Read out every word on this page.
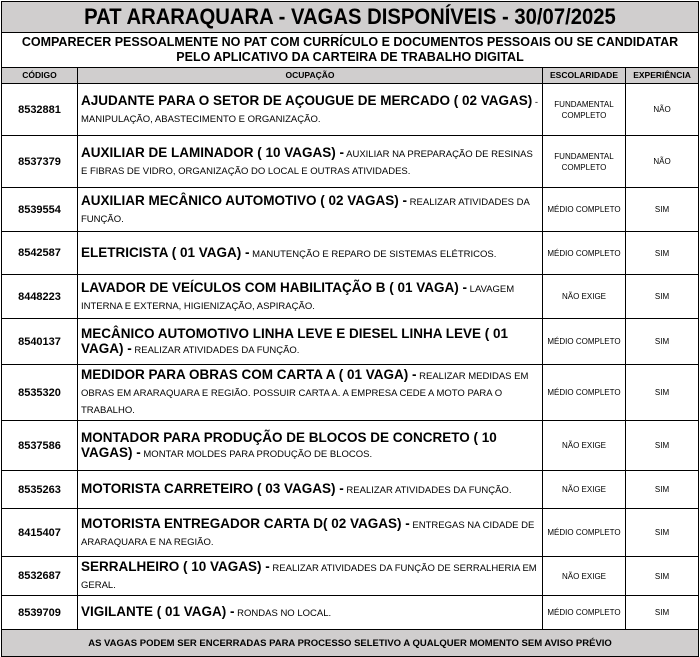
PAT ARARAQUARA - VAGAS DISPONÍVEIS - 30/07/2025			

COMPARECER PESSOALMENTE NO PAT COM CURRÍCULO E DOCUMENTOS PESSOAIS OU SE CANDIDATAR
PELO APLICATIVO DA CARTEIRA DE TRABALHO DIGITAL			

CÓDIGO	OCUPAÇÃO	ESCOLARIDADE	EXPERIÊNCIA
8532881	AJUDANTE PARA O SETOR DE AÇOUGUE DE MERCADO ( 02 VAGAS) - MANIPULAÇÃO, ABASTECIMENTO E ORGANIZAÇÃO.	FUNDAMENTAL COMPLETO	NÃO
8537379	AUXILIAR DE LAMINADOR ( 10 VAGAS) - AUXILIAR NA PREPARAÇÃO DE RESINAS E FIBRAS DE VIDRO, ORGANIZAÇÃO DO LOCAL E OUTRAS ATIVIDADES.	FUNDAMENTAL COMPLETO	NÃO
8539554	AUXILIAR MECÂNICO AUTOMOTIVO ( 02 VAGAS) - REALIZAR ATIVIDADES DA FUNÇÃO.	MÉDIO COMPLETO	SIM
8542587	ELETRICISTA ( 01 VAGA) - MANUTENÇÃO E REPARO DE SISTEMAS ELÉTRICOS.	MÉDIO COMPLETO	SIM
8448223	LAVADOR DE VEÍCULOS COM HABILITAÇÃO B ( 01 VAGA) - LAVAGEM INTERNA E EXTERNA, HIGIENIZAÇÃO, ASPIRAÇÃO.	NÃO EXIGE	SIM
8540137	MECÂNICO AUTOMOTIVO LINHA LEVE E DIESEL LINHA LEVE ( 01 VAGA) - REALIZAR ATIVIDADES DA FUNÇÃO.	MÉDIO COMPLETO	SIM
8535320	MEDIDOR PARA OBRAS COM CARTA A ( 01 VAGA) - REALIZAR MEDIDAS EM OBRAS EM ARARAQUARA E REGIÃO. POSSUIR CARTA A. A EMPRESA CEDE A MOTO PARA O TRABALHO.	MÉDIO COMPLETO	SIM
8537586	MONTADOR PARA PRODUÇÃO DE BLOCOS DE CONCRETO ( 10 VAGAS) - MONTAR MOLDES PARA PRODUÇÃO DE BLOCOS.	NÃO EXIGE	SIM
8535263	MOTORISTA CARRETEIRO ( 03 VAGAS) - REALIZAR ATIVIDADES DA FUNÇÃO.	NÃO EXIGE	SIM
8415407	MOTORISTA ENTREGADOR CARTA D( 02 VAGAS) - ENTREGAS NA CIDADE DE ARARAQUARA E NA REGIÃO.	MÉDIO COMPLETO	SIM
8532687	SERRALHEIRO ( 10 VAGAS) - REALIZAR ATIVIDADES DA FUNÇÃO DE SERRALHERIA EM GERAL.	NÃO EXIGE	SIM
8539709	VIGILANTE ( 01 VAGA) - RONDAS NO LOCAL.	MÉDIO COMPLETO	SIM
AS VAGAS PODEM SER ENCERRADAS PARA PROCESSO SELETIVO A QUALQUER MOMENTO SEM AVISO PRÉVIO			
